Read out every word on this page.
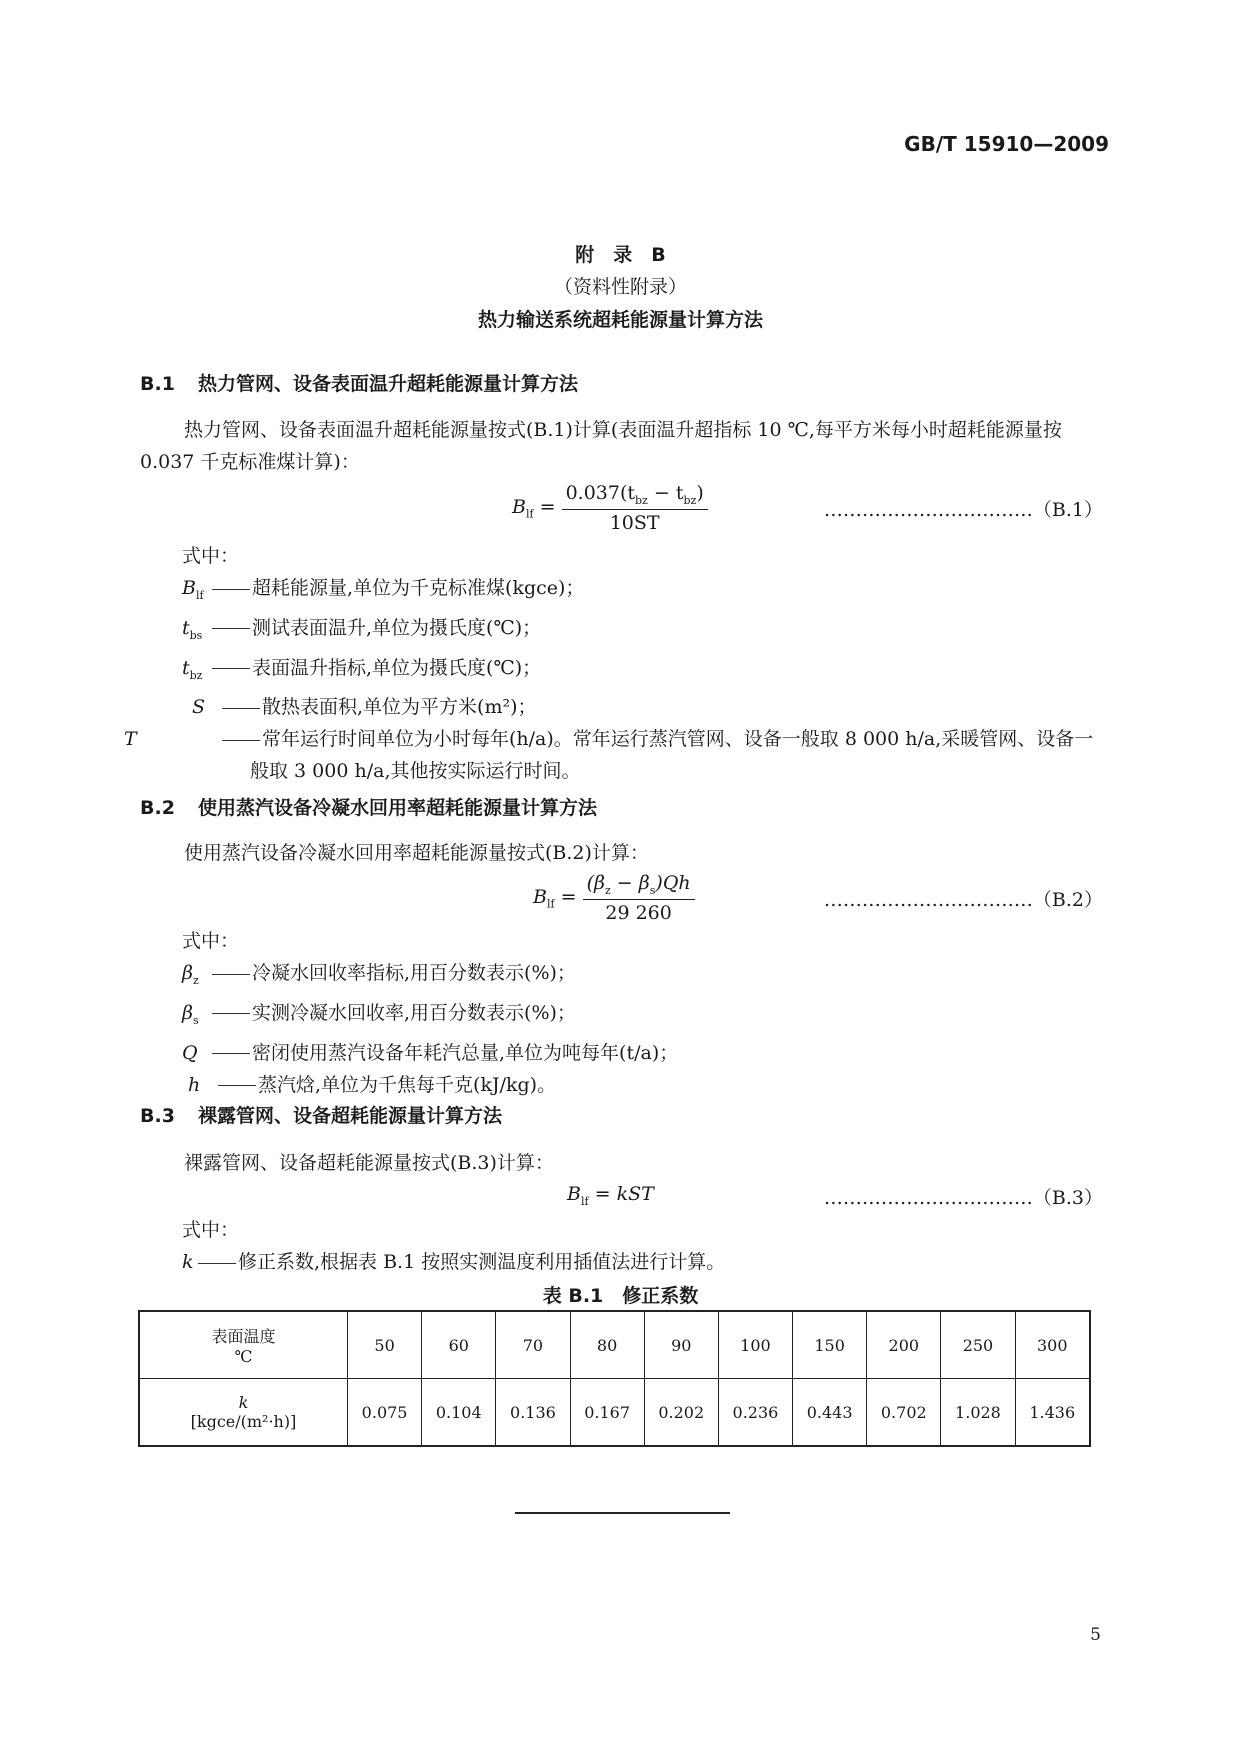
GB/T 15910—2009
附　录　B
（资料性附录）
热力输送系统超耗能源量计算方法
B.1 热力管网、设备表面温升超耗能源量计算方法
热力管网、设备表面温升超耗能源量按式(B.1)计算(表面温升超指标 10 ℃,每平方米每小时超耗能源量按 0.037 千克标准煤计算)：
$B_{lf} = \frac{0.037(t_{bz} - t_{bz})}{10ST}$	……………………………（B.1）
式中：
$B_{lf}$	超耗能源量,单位为千克标准煤(kgce)；
$t_{bs}$	测试表面温升,单位为摄氏度(℃)；
$t_{bz}$	表面温升指标,单位为摄氏度(℃)；
S	散热表面积,单位为平方米(m²)；
T	常年运行时间单位为小时每年(h/a)。常年运行蒸汽管网、设备一般取 8 000 h/a,采暖管网、设备一般取 3 000 h/a,其他按实际运行时间。
B.2 使用蒸汽设备冷凝水回用率超耗能源量计算方法
使用蒸汽设备冷凝水回用率超耗能源量按式(B.2)计算：
$B_{lf} = \frac{(\beta_z - \beta_s)Qh}{29 260}$	……………………………（B.2）
式中：
$\beta_z$	冷凝水回收率指标,用百分数表示(%)；
$\beta_s$	实测冷凝水回收率,用百分数表示(%)；
Q	密闭使用蒸汽设备年耗汽总量,单位为吨每年(t/a)；
h	蒸汽焓,单位为千焦每千克(kJ/kg)。
B.3 裸露管网、设备超耗能源量计算方法
裸露管网、设备超耗能源量按式(B.3)计算：
$B_{lf}$ = kST	……………………………（B.3）
式中：
k 修正系数,根据表 B.1 按照实测温度利用插值法进行计算。
表 B.1　修正系数
表面温度
℃	50	60	70	80	90	100	150	200	250	300

k
[kgce/(m²·h)]	0.075	0.104	0.136	0.167	0.202	0.236	0.443	0.702	1.028	1.436
5
